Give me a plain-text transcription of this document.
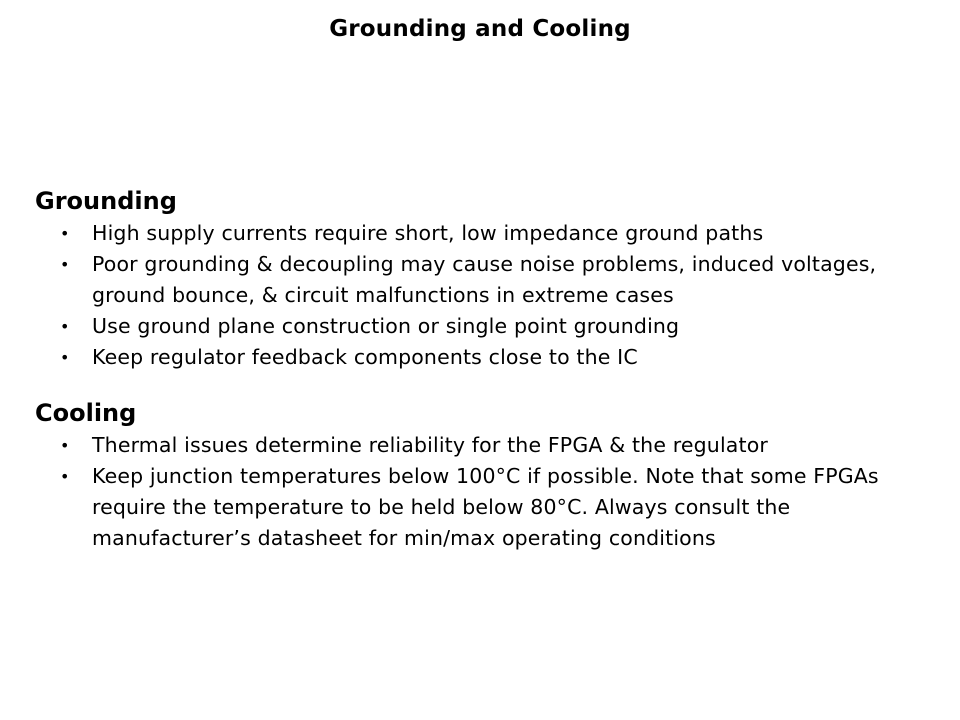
Grounding and Cooling
Grounding
• High supply currents require short, low impedance ground paths
• Poor grounding & decoupling may cause noise problems, induced voltages, ground bounce, & circuit malfunctions in extreme cases
• Use ground plane construction or single point grounding
• Keep regulator feedback components close to the IC
Cooling
• Thermal issues determine reliability for the FPGA & the regulator
• Keep junction temperatures below 100°C if possible. Note that some FPGAs require the temperature to be held below 80°C. Always consult the manufacturer’s datasheet for min/max operating conditions
